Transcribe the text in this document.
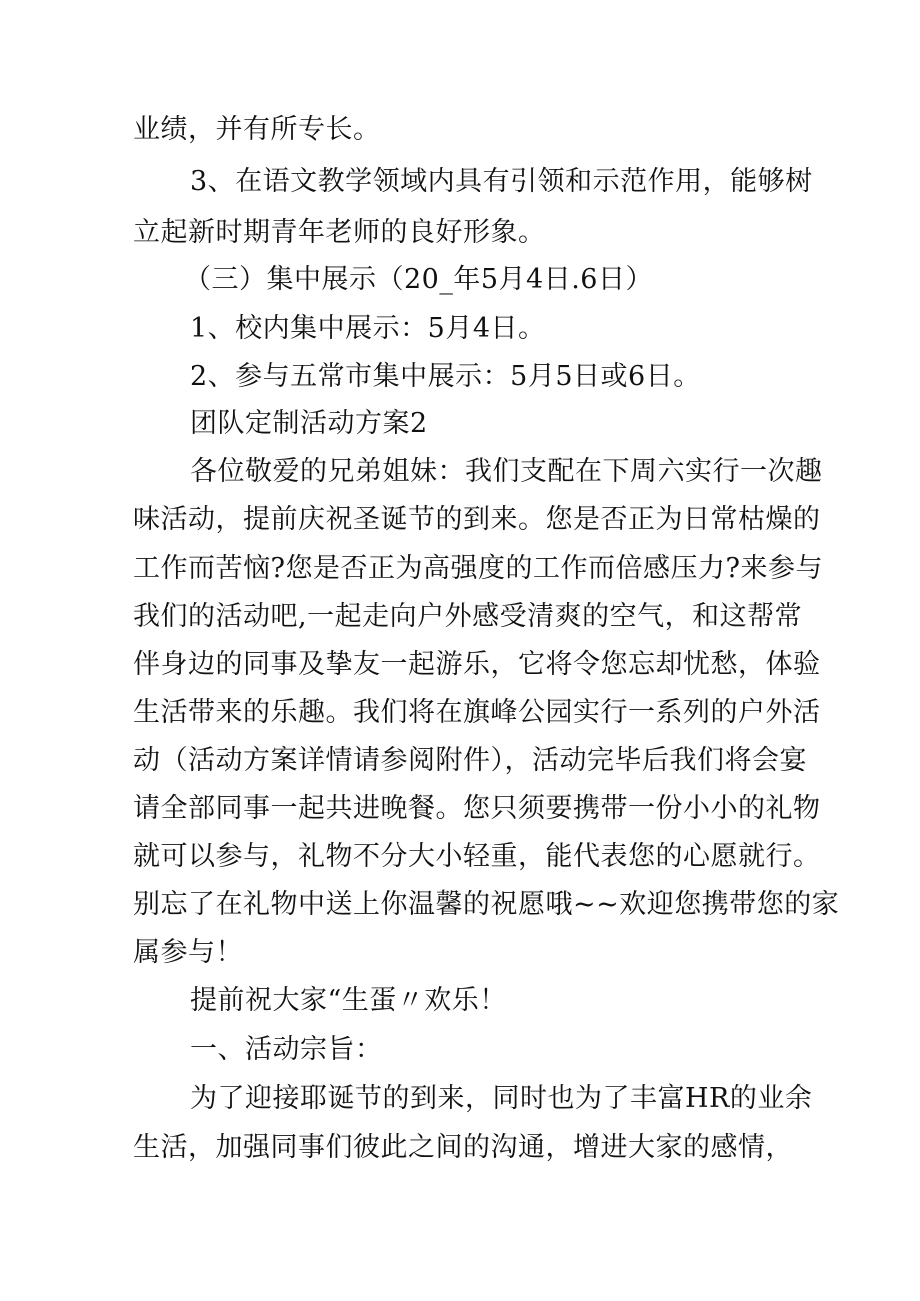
业绩，并有所专长。
3、在语文教学领域内具有引领和示范作用，能够树
立起新时期青年老师的良好形象。
（三）集中展示（20_年5月4日.6日）
1、校内集中展示：5月4日。
2、参与五常市集中展示：5月5日或6日。
团队定制活动方案2
各位敬爱的兄弟姐妹：我们支配在下周六实行一次趣
味活动，提前庆祝圣诞节的到来。您是否正为日常枯燥的
工作而苦恼?您是否正为高强度的工作而倍感压力?来参与
我们的活动吧,一起走向户外感受清爽的空气，和这帮常
伴身边的同事及挚友一起游乐，它将令您忘却忧愁，体验
生活带来的乐趣。我们将在旗峰公园实行一系列的户外活
动（活动方案详情请参阅附件），活动完毕后我们将会宴
请全部同事一起共进晚餐。您只须要携带一份小小的礼物
就可以参与，礼物不分大小轻重，能代表您的心愿就行。
别忘了在礼物中送上你温馨的祝愿哦~~欢迎您携带您的家
属参与！
提前祝大家“生蛋〃欢乐！
一、活动宗旨：
为了迎接耶诞节的到来，同时也为了丰富HR的业余
生活，加强同事们彼此之间的沟通，增进大家的感情，
